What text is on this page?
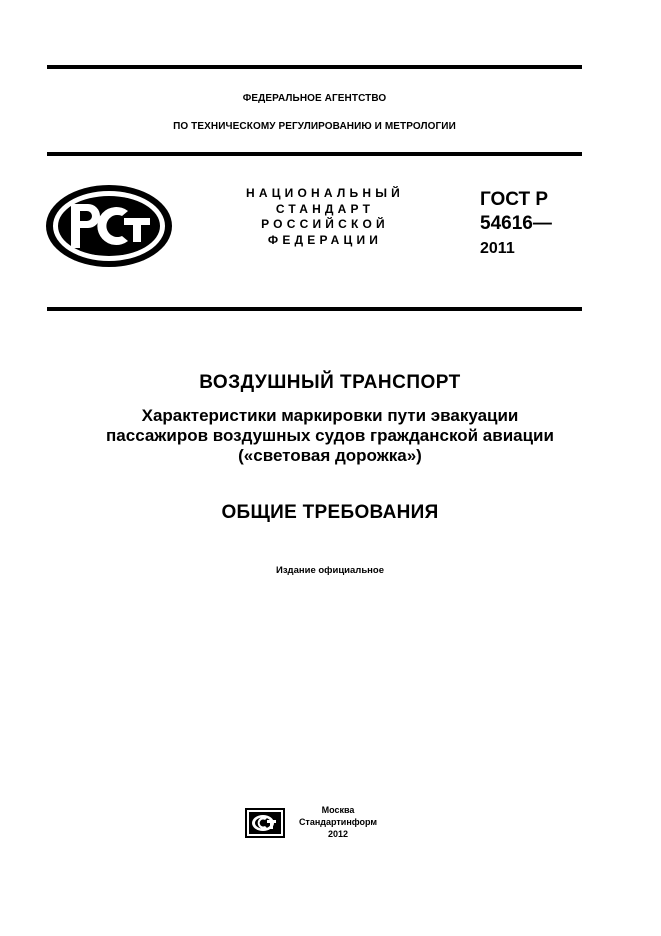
ФЕДЕРАЛЬНОЕ АГЕНТСТВО
ПО ТЕХНИЧЕСКОМУ РЕГУЛИРОВАНИЮ И МЕТРОЛОГИИ
НАЦИОНАЛЬНЫЙ
СТАНДАРТ
РОССИЙСКОЙ
ФЕДЕРАЦИИ
ГОСТ Р
54616—
2011
ВОЗДУШНЫЙ ТРАНСПОРТ
Характеристики маркировки пути эвакуации
пассажиров воздушных судов гражданской авиации
(«световая дорожка»)
ОБЩИЕ ТРЕБОВАНИЯ
Издание официальное
Москва
Стандартинформ
2012
